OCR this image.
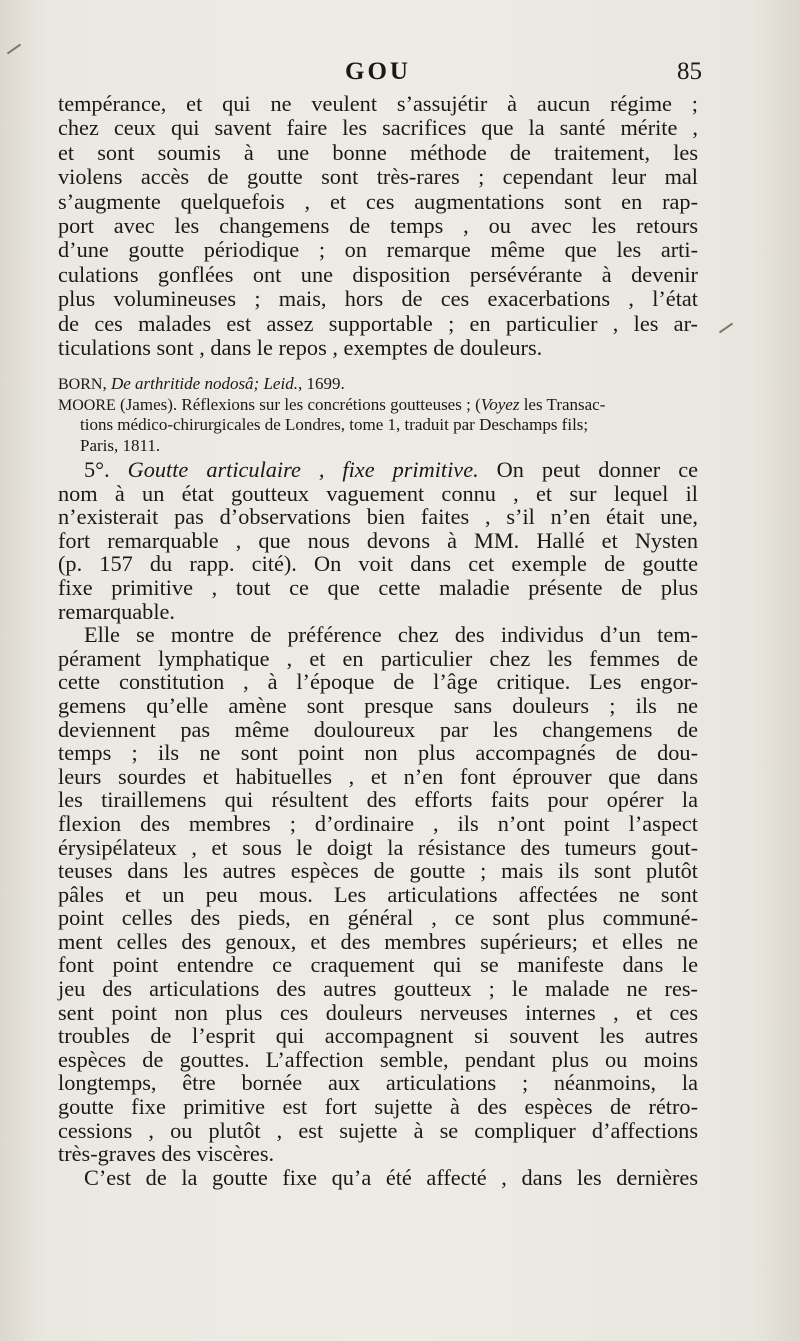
GOU	85
tempérance, et qui ne veulent s’assujétir à aucun régime ;
chez ceux qui savent faire les sacrifices que la santé mérite ,
et sont soumis à une bonne méthode de traitement, les
violens accès de goutte sont très-rares ; cependant leur mal
s’augmente quelquefois , et ces augmentations sont en rap-
port avec les changemens de temps , ou avec les retours
d’une goutte périodique ; on remarque même que les arti-
culations gonflées ont une disposition persévérante à devenir
plus volumineuses ; mais, hors de ces exacerbations , l’état
de ces malades est assez supportable ; en particulier , les ar-
ticulations sont , dans le repos , exemptes de douleurs.
BORN, De arthritide nodosâ; Leid., 1699.
MOORE (James). Réflexions sur les concrétions goutteuses ; (Voyez les Transac-
tions médico-chirurgicales de Londres, tome 1, traduit par Deschamps fils;
Paris, 1811.
5°. Goutte articulaire , fixe primitive. On peut donner ce
nom à un état goutteux vaguement connu , et sur lequel il
n’existerait pas d’observations bien faites , s’il n’en était une,
fort remarquable , que nous devons à MM. Hallé et Nysten
(p. 157 du rapp. cité). On voit dans cet exemple de goutte
fixe primitive , tout ce que cette maladie présente de plus
remarquable.
Elle se montre de préférence chez des individus d’un tem-
pérament lymphatique , et en particulier chez les femmes de
cette constitution , à l’époque de l’âge critique. Les engor-
gemens qu’elle amène sont presque sans douleurs ; ils ne
deviennent pas même douloureux par les changemens de
temps ; ils ne sont point non plus accompagnés de dou-
leurs sourdes et habituelles , et n’en font éprouver que dans
les tiraillemens qui résultent des efforts faits pour opérer la
flexion des membres ; d’ordinaire , ils n’ont point l’aspect
érysipélateux , et sous le doigt la résistance des tumeurs gout-
teuses dans les autres espèces de goutte ; mais ils sont plutôt
pâles et un peu mous. Les articulations affectées ne sont
point celles des pieds, en général , ce sont plus communé-
ment celles des genoux, et des membres supérieurs; et elles ne
font point entendre ce craquement qui se manifeste dans le
jeu des articulations des autres goutteux ; le malade ne res-
sent point non plus ces douleurs nerveuses internes , et ces
troubles de l’esprit qui accompagnent si souvent les autres
espèces de gouttes. L’affection semble, pendant plus ou moins
longtemps, être bornée aux articulations ; néanmoins, la
goutte fixe primitive est fort sujette à des espèces de rétro-
cessions , ou plutôt , est sujette à se compliquer d’affections
très-graves des viscères.
C’est de la goutte fixe qu’a été affecté , dans les dernières
